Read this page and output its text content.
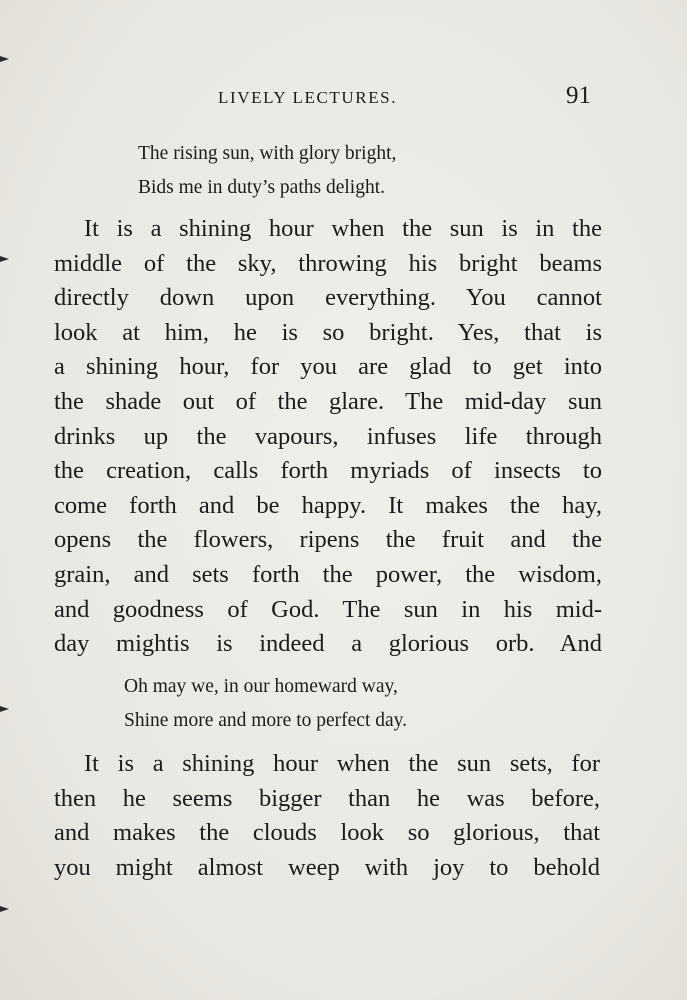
LIVELY LECTURES.	91
The rising sun, with glory bright,
Bids me in duty’s paths delight.
It is a shining hour when the sun is in the
middle of the sky, throwing his bright beams
directly down upon everything. You cannot
look at him, he is so bright. Yes, that is
a shining hour, for you are glad to get into
the shade out of the glare. The mid-day sun
drinks up the vapours, infuses life through
the creation, calls forth myriads of insects to
come forth and be happy. It makes the hay,
opens the flowers, ripens the fruit and the
grain, and sets forth the power, the wisdom,
and goodness of God. The sun in his mid-
day mightis is indeed a glorious orb. And
Oh may we, in our homeward way,
Shine more and more to perfect day.
It is a shining hour when the sun sets, for
then he seems bigger than he was before,
and makes the clouds look so glorious, that
you might almost weep with joy to behold
